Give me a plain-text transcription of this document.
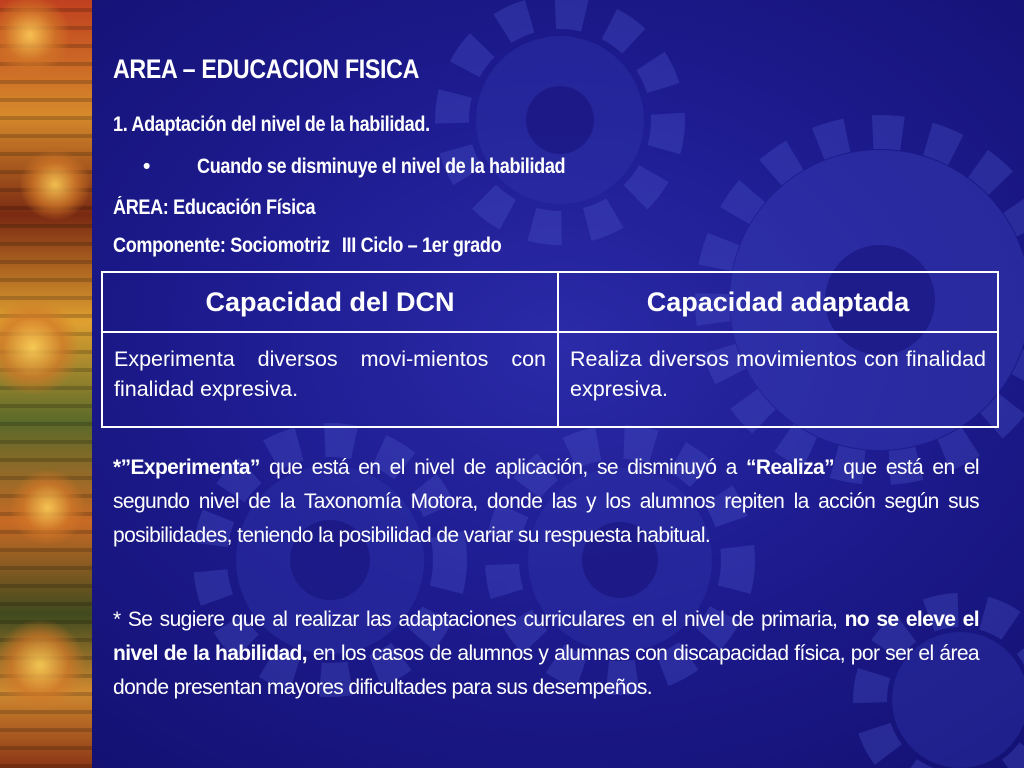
AREA – EDUCACION FISICA
1. Adaptación del nivel de la habilidad.
• Cuando se disminuye el nivel de la habilidad
ÁREA: Educación Física
Componente: Sociomotriz III Ciclo – 1er grado
Capacidad del DCN	Capacidad adaptada
Experimenta diversos movi-mientos con finalidad expresiva.	Realiza diversos movimientos con finalidad expresiva.

*”Experimenta” que está en el nivel de aplicación, se disminuyó a “Realiza” que está en el segundo nivel de la Taxonomía Motora, donde las y los alumnos repiten la acción según sus posibilidades, teniendo la posibilidad de variar su respuesta habitual.

* Se sugiere que al realizar las adaptaciones curriculares en el nivel de primaria, no se eleve el nivel de la habilidad, en los casos de alumnos y alumnas con discapacidad física, por ser el área donde presentan mayores dificultades para sus desempeños.
